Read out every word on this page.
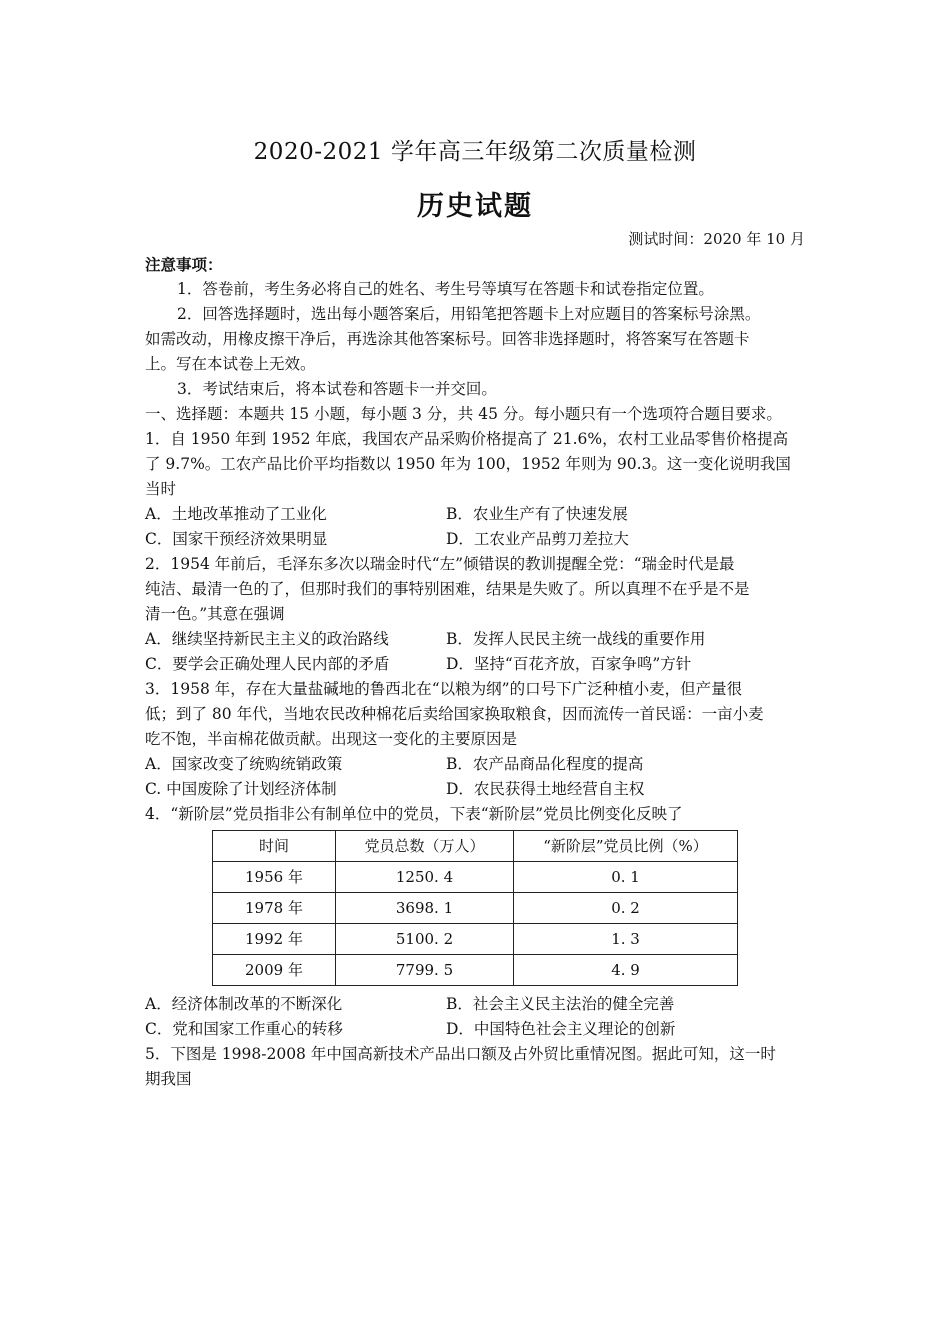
2020-2021 学年高三年级第二次质量检测
历史试题
测试时间：2020 年 10 月
注意事项：
1．答卷前，考生务必将自己的姓名、考生号等填写在答题卡和试卷指定位置。
2．回答选择题时，选出每小题答案后，用铅笔把答题卡上对应题目的答案标号涂黑。
如需改动，用橡皮擦干净后，再选涂其他答案标号。回答非选择题时，将答案写在答题卡
上。写在本试卷上无效。
3．考试结束后，将本试卷和答题卡一并交回。
一、选择题：本题共 15 小题，每小题 3 分，共 45 分。每小题只有一个选项符合题目要求。
1．自 1950 年到 1952 年底，我国农产品采购价格提高了 21.6%，农村工业品零售价格提高
了 9.7%。工农产品比价平均指数以 1950 年为 100，1952 年则为 90.3。这一变化说明我国
当时
A．土地改革推动了工业化	B．农业生产有了快速发展
C．国家干预经济效果明显	D．工农业产品剪刀差拉大
2．1954 年前后，毛泽东多次以瑞金时代“左”倾错误的教训提醒全党：“瑞金时代是最
纯洁、最清一色的了，但那时我们的事特别困难，结果是失败了。所以真理不在乎是不是
清一色。”其意在强调
A．继续坚持新民主主义的政治路线	B．发挥人民民主统一战线的重要作用
C．要学会正确处理人民内部的矛盾	D．坚持“百花齐放，百家争鸣”方针
3．1958 年，存在大量盐碱地的鲁西北在“以粮为纲”的口号下广泛种植小麦，但产量很
低；到了 80 年代，当地农民改种棉花后卖给国家换取粮食，因而流传一首民谣：一亩小麦
吃不饱，半亩棉花做贡献。出现这一变化的主要原因是
A．国家改变了统购统销政策	B．农产品商品化程度的提高
C. 中国废除了计划经济体制	D．农民获得土地经营自主权
4．“新阶层”党员指非公有制单位中的党员，下表“新阶层”党员比例变化反映了
时间	党员总数（万人）	“新阶层”党员比例（%）
1956 年	1250. 4	0. 1
1978 年	3698. 1	0. 2
1992 年	5100. 2	1. 3
2009 年	7799. 5	4. 9
A．经济体制改革的不断深化	B．社会主义民主法治的健全完善
C．党和国家工作重心的转移	D．中国特色社会主义理论的创新
5．下图是 1998-2008 年中国高新技术产品出口额及占外贸比重情况图。据此可知，这一时
期我国
